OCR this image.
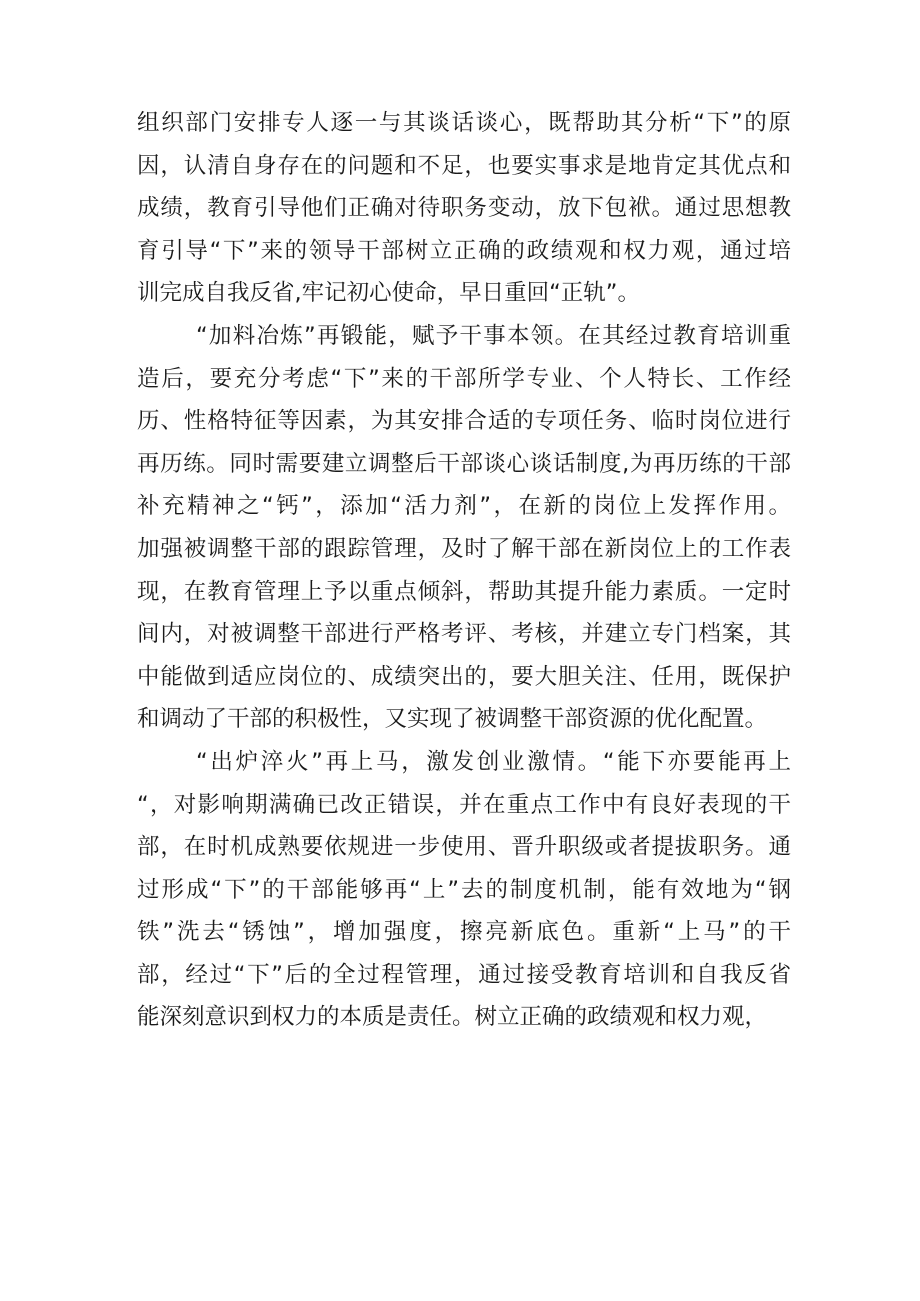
组织部门安排专人逐一与其谈话谈心，既帮助其分析“下”的原
因，认清自身存在的问题和不足，也要实事求是地肯定其优点和
成绩，教育引导他们正确对待职务变动，放下包袱。通过思想教
育引导“下”来的领导干部树立正确的政绩观和权力观，通过培
训完成自我反省,牢记初心使命，早日重回“正轨”。
“加料冶炼”再锻能，赋予干事本领。在其经过教育培训重
造后，要充分考虑“下”来的干部所学专业、个人特长、工作经
历、性格特征等因素，为其安排合适的专项任务、临时岗位进行
再历练。同时需要建立调整后干部谈心谈话制度,为再历练的干部
补充精神之“钙”，添加“活力剂”，在新的岗位上发挥作用。
加强被调整干部的跟踪管理，及时了解干部在新岗位上的工作表
现，在教育管理上予以重点倾斜，帮助其提升能力素质。一定时
间内，对被调整干部进行严格考评、考核，并建立专门档案，其
中能做到适应岗位的、成绩突出的，要大胆关注、任用，既保护
和调动了干部的积极性，又实现了被调整干部资源的优化配置。
“出炉淬火”再上马，激发创业激情。“能下亦要能再上
“，对影响期满确已改正错误，并在重点工作中有良好表现的干
部，在时机成熟要依规进一步使用、晋升职级或者提拔职务。通
过形成“下”的干部能够再“上”去的制度机制，能有效地为“钢
铁”洗去“锈蚀”，增加强度，擦亮新底色。重新“上马”的干
部，经过“下”后的全过程管理，通过接受教育培训和自我反省
能深刻意识到权力的本质是责任。树立正确的政绩观和权力观，
